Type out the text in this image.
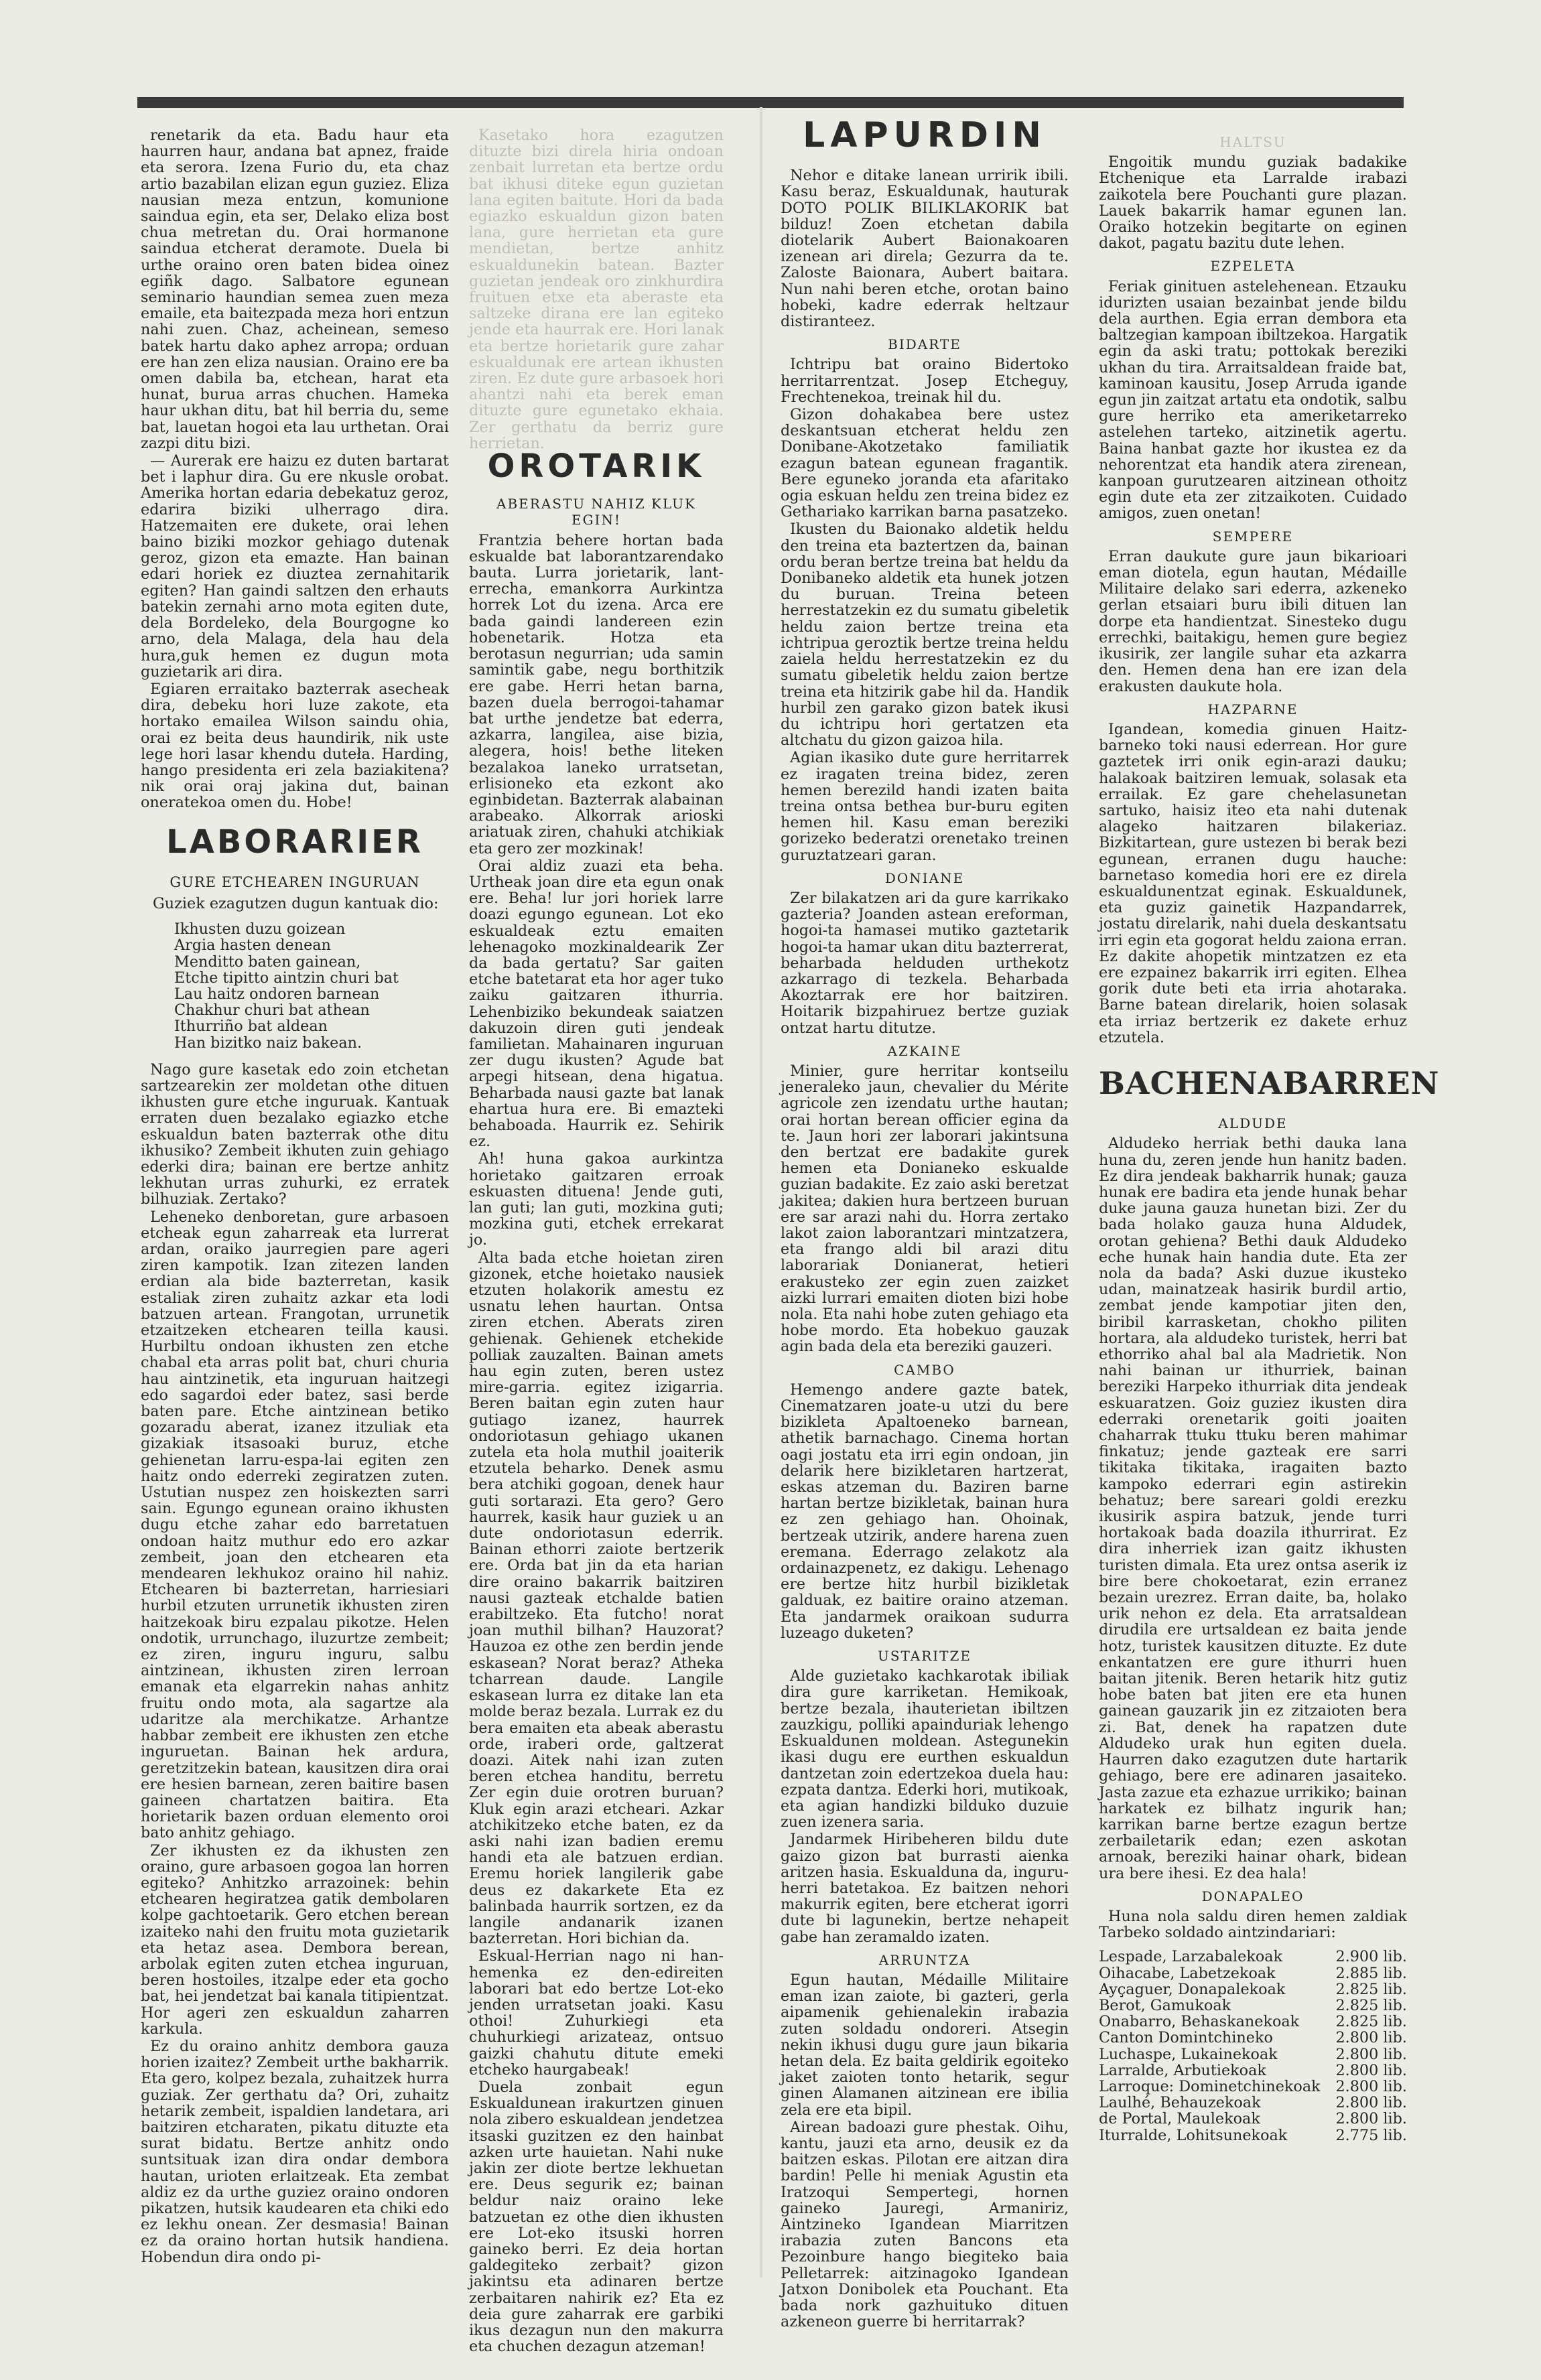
renetarik da eta. Badu haur eta haurren haur, andana bat apnez, fraide eta serora. Izena Furio du, eta chaz artio bazabilan elizan egun guziez. Eliza nausian meza entzun, komunione saindua egin, eta ser, Delako eliza bost chua metretan du. Orai hormanone saindua etcherat deramote. Duela bi urthe oraino oren baten bidea oinez egiñk dago. Salbatore egunean seminario haundian semea zuen meza emaile, eta baitezpada meza hori entzun nahi zuen. Chaz, acheinean, semeso batek hartu dako aphez arropa; orduan ere han zen eliza nausian. Oraino ere ba omen dabila ba, etchean, harat eta hunat, burua arras chuchen. Hameka haur ukhan ditu, bat hil berria du, seme bat, lauetan hogoi eta lau urthetan. Orai zazpi ditu bizi.

— Aurerak ere haizu ez duten bartarat bet i laphur dira. Gu ere nkusle orobat. Amerika hortan edaria debekatuz geroz, edarira biziki ulherrago dira. Hatzemaiten ere dukete, orai lehen baino biziki mozkor gehiago dutenak geroz, gizon eta emazte. Han bainan edari horiek ez diuztea zernahitarik egiten? Han gaindi saltzen den erhauts batekin zernahi arno mota egiten dute, dela Bordeleko, dela Bourgogne ko arno, dela Malaga, dela hau dela hura,guk hemen ez dugun mota guzietarik ari dira.

Egiaren erraitako bazterrak asecheak dira, debeku hori luze zakote, eta hortako emailea Wilson saindu ohia, orai ez beita deus haundirik, nik uste lege hori lasar khendu duteła. Harding, hango presidenta eri zela baziakitena? nik orai oraj jakina dut, bainan oneratekoa omen du. Hobe!

LABORARIER
GURE ETCHEAREN INGURUAN
Guziek ezagutzen dugun kantuak dio:
Ikhusten duzu goizean
Argia hasten denean
Menditto baten gainean,
Etche tipitto aintzin churi bat
Lau haitz ondoren barnean
Chakhur churi bat athean
Ithurriño bat aldean
Han bizitko naiz bakean.

Nago gure kasetak edo zoin etchetan sartzearekin zer moldetan othe dituen ikhusten gure etche inguruak. Kantuak erraten duen bezalako egiazko etche eskualdun baten bazterrak othe ditu ikhusiko? Zembeit ikhuten zuin gehiago ederki dira; bainan ere bertze anhitz lekhutan urras zuhurki, ez erratek bilhuziak. Zertako?

Leheneko denboretan, gure arbasoen etcheak egun zaharreak eta lurrerat ardan, oraiko jaurregien pare ageri ziren kampotik. Izan zitezen landen erdian ala bide bazterretan, kasik estaliak ziren zuhaitz azkar eta lodi batzuen artean. Frangotan, urrunetik etzaitzeken etchearen teilla kausi. Hurbiltu ondoan ikhusten zen etche chabal eta arras polit bat, churi churia hau aintzinetik, eta inguruan haitzegi edo sagardoi eder batez, sasi berde baten pare. Etche aintzinean betiko gozaradu aberat, izanez itzuliak eta gizakiak itsasoaki buruz, etche gehienetan larru-espa-lai egiten zen haitz ondo ederreki zegiratzen zuten. Ustutian nuspez zen hoiskezten sarri sain. Egungo egunean oraino ikhusten dugu etche zahar edo barretatuen ondoan haitz muthur edo ero azkar zembeit, joan den etchearen eta mendearen lekhukoz oraino hil nahiz. Etchearen bi bazterretan, harriesiari hurbil etzuten urrunetik ikhusten ziren haitzekoak biru ezpalau pikotze. Helen ondotik, urrunchago, iluzurtze zembeit; ez ziren, inguru inguru, salbu aintzinean, ikhusten ziren lerroan emanak eta elgarrekin nahas anhitz fruitu ondo mota, ala sagartze ala udaritze ala merchikatze. Arhantze habbar zembeit ere ikhusten zen etche inguruetan. Bainan hek ardura, geretzitzekin batean, kausitzen dira orai ere hesien barnean, zeren baitire basen gaineen chartatzen baitira. Eta horietarik bazen orduan elemento oroi bato anhitz gehiago.

Zer ikhusten ez da ikhusten zen oraino, gure arbasoen gogoa lan horren egiteko? Anhitzko arrazoinek: behin etchearen hegiratzea gatik dembolaren kolpe gachtoetarik. Gero etchen berean izaiteko nahi den fruitu mota guzietarik eta hetaz asea. Dembora berean, arbolak egiten zuten etchea inguruan, beren hostoiles, itzalpe eder eta gocho bat, hei jendetzat bai kanala titipientzat. Hor ageri zen eskualdun zaharren karkula.

Ez du oraino anhitz dembora gauza horien izaitez? Zembeit urthe bakharrik. Eta gero, kolpez bezala, zuhaitzek hurra guziak. Zer gerthatu da? Ori, zuhaitz hetarik zembeit, ispaldien landetara, ari baitziren etcharaten, pikatu dituzte eta surat bidatu. Bertze anhitz ondo suntsituak izan dira ondar dembora hautan, urioten erlaitzeak. Eta zembat aldiz ez da urthe guziez oraino ondoren pikatzen, hutsik kaudearen eta chiki edo ez lekhu onean. Zer desmasia! Bainan ez da oraino hortan hutsik handiena. Hobendun dira ondo pi-

Kasetako hora ezagutzen dituzte bizi direla hiria ondoan zenbait lurretan eta bertze ordu bat ikhusi diteke egun guzietan lana egiten baitute. Hori da bada egiazko eskualdun gizon baten lana, gure herrietan eta gure mendietan, bertze anhitz eskualdunekin batean. Bazter guzietan jendeak oro zinkhurdira fruituen etxe eta aberaste eta saltzeke dirana ere lan egiteko jende eta haurrak ere. Hori lanak eta bertze horietarik gure zahar eskualdunak ere artean ikhusten ziren. Ez dute gure arbasoek hori ahantzi nahi eta berek eman dituzte gure egunetako ekhaia. Zer gerthatu da berriz gure herrietan.

OROTARIK
ABERASTU NAHIZ KLUK EGIN!

Frantzia behere hortan bada eskualde bat laborantzarendako bauta. Lurra jorietarik, lant-errecha, emankorra Aurkintza horrek Lot du izena. Arca ere bada gaindi landereen ezin hobenetarik. Hotza eta berotasun negurrian; uda samin samintik gabe, negu borthitzik ere gabe. Herri hetan barna, bazen duela berrogoi-tahamar bat urthe jendetze bat ederra, azkarra, langilea, aise bizia, alegera, hois! bethe liteken bezalakoa laneko urratsetan, erlisioneko eta ezkont ako eginbidetan. Bazterrak alabainan arabeako. Alkorrak arioski ariatuak ziren, chahuki atchikiak eta gero zer mozkinak!

Orai aldiz zuazi eta beha. Urtheak joan dire eta egun onak ere. Beha! lur jori horiek larre doazi egungo egunean. Lot eko eskualdeak eztu emaiten lehenagoko mozkinaldearik Zer da bada gertatu? Sar gaiten etche batetarat eta hor ager tuko zaiku gaitzaren ithurria. Lehenbiziko bekundeak saiatzen dakuzoin diren guti jendeak familietan. Mahainaren inguruan zer dugu ikusten? Agude bat arpegi hitsean, dena higatua. Beharbada nausi gazte bat lanak ehartua hura ere. Bi emazteki behaboada. Haurrik ez. Sehirik ez.

Ah! huna gakoa aurkintza horietako gaitzaren erroak eskuasten dituena! Jende guti, lan guti; lan guti, mozkina guti; mozkina guti, etchek errekarat jo.

Alta bada etche hoietan ziren gizonek, etche hoietako nausiek etzuten holakorik amestu ez usnatu lehen haurtan. Ontsa ziren etchen. Aberats ziren gehienak. Gehienek etchekide polliak zauzalten. Bainan amets hau egin zuten, beren ustez mire-garria. egitez izigarria. Beren baitan egin zuten haur gutiago izanez, haurrek ondoriotasun gehiago ukanen zutela eta hola muthil joaiterik etzutela beharko. Denek asmu bera atchiki gogoan, denek haur guti sortarazi. Eta gero? Gero haurrek, kasik haur guziek u an dute ondoriotasun ederrik. Bainan ethorri zaiote bertzerik ere. Orda bat jin da eta harian dire oraino bakarrik baitziren nausi gazteak etchalde batien erabiltzeko. Eta futcho! norat joan muthil bilhan? Hauzorat? Hauzoa ez othe zen berdin jende eskasean? Norat beraz? Atheka tcharrean daude. Langile eskasean lurra ez ditake lan eta molde beraz bezala. Lurrak ez du bera emaiten eta abeak aberastu orde, iraberi orde, galtzerat doazi. Aitek nahi izan zuten beren etchea handitu, berretu Zer egin duie orotren buruan? Kluk egin arazi etcheari. Azkar atchikitzeko etche baten, ez da aski nahi izan badien eremu handi eta ale batzuen erdian. Eremu horiek langilerik gabe deus ez dakarkete Eta ez balinbada haurrik sortzen, ez da langile andanarik izanen bazterretan. Hori bichian da.

Eskual-Herrian nago ni han-hemenka ez den-edireiten laborari bat edo bertze Lot-eko jenden urratsetan joaki. Kasu othoi! Zuhurkiegi eta chuhurkiegi arizateaz, ontsuo gaizki chahutu ditute emeki etcheko haurgabeak!

Duela zonbait egun Eskualdunean irakurtzen ginuen nola zibero eskualdean jendetzea itsaski guzitzen ez den hainbat azken urte hauietan. Nahi nuke jakin zer diote bertze lekhuetan ere. Deus segurik ez; bainan beldur naiz oraino leke batzuetan ez othe dien ikhusten ere Lot-eko itsuski horren gaineko berri. Ez deia hortan galdegiteko zerbait? gizon jakintsu eta adinaren bertze zerbaitaren nahirik ez? Eta ez deia gure zaharrak ere garbiki ikus dezagun nun den makurra eta chuchen dezagun atzeman!

LAPURDIN

Nehor e ditake lanean urririk ibili. Kasu beraz, Eskualdunak, hauturak DOTO POLIK BILIKLAKORIK bat bilduz! Zoen etchetan dabila diotelarik Aubert Baionakoaren izenean ari direla; Gezurra da te. Zaloste Baionara, Aubert baitara. Nun nahi beren etche, orotan baino hobeki, kadre ederrak heltzaur distiranteez.

BIDARTE

Ichtripu bat oraino Bidertoko herritarrentzat. Josep Etcheguy, Frechtenekoa, treinak hil du.

Gizon dohakabea bere ustez deskantsuan etcherat heldu zen Donibane-Akotzetako familiatik ezagun batean egunean fragantik. Bere eguneko joranda eta afaritako ogia eskuan heldu zen treina bidez ez Gethariako karrikan barna pasatzeko.

Ikusten du Baionako aldetik heldu den treina eta baztertzen da, bainan ordu beran bertze treina bat heldu da Donibaneko aldetik eta hunek jotzen du buruan. Treina beteen herrestatzekin ez du sumatu gibeletik heldu zaion bertze treina eta ichtripua geroztik bertze treina heldu zaiela heldu herrestatzekin ez du sumatu gibeletik heldu zaion bertze treina eta hitzirik gabe hil da. Handik hurbil zen garako gizon batek ikusi du ichtripu hori gertatzen eta altchatu du gizon gaizoa hila.

Agian ikasiko dute gure herritarrek ez iragaten treina bidez, zeren hemen berezild handi izaten baita treina ontsa bethea bur-buru egiten hemen hil. Kasu eman bereziki gorizeko bederatzi orenetako treinen guruztatzeari garan.

DONIANE

Zer bilakatzen ari da gure karrikako gazteria? Joanden astean ereforman, hogoi-ta hamasei mutiko gaztetarik hogoi-ta hamar ukan ditu bazterrerat, beharbada helduden urthekotz azkarrago di tezkela. Beharbada Akoztarrak ere hor baitziren. Hoitarik bizpahiruez bertze guziak ontzat hartu ditutze.

AZKAINE

Minier, gure herritar kontseilu jeneraleko jaun, chevalier du Mérite agricole zen izendatu urthe hautan; orai hortan berean officier egina da te. Jaun hori zer laborari jakintsuna den bertzat ere badakite gurek hemen eta Donianeko eskualde guzian badakite. Ez zaio aski beretzat jakitea; dakien hura bertzeen buruan ere sar arazi nahi du. Horra zertako lakot zaion laborantzari mintzatzera, eta frango aldi bil arazi ditu laborariak Donianerat, hetieri erakusteko zer egin zuen zaizket aizki lurrari emaiten dioten bizi hobe nola. Eta nahi hobe zuten gehiago eta hobe mordo. Eta hobekuo gauzak agin bada dela eta bereziki gauzeri.

CAMBO

Hemengo andere gazte batek, Cinematzaren joate-u utzi du bere bizikleta Apaltoeneko barnean, athetik barnachago. Cinema hortan oagi jostatu eta irri egin ondoan, jin delarik here bizikletaren hartzerat, eskas atzeman du. Baziren barne hartan bertze bizikletak, bainan hura ez zen gehiago han. Ohoinak, bertzeak utzirik, andere harena zuen eremana. Ederrago zelakotz ala ordainazpenetz, ez dakigu. Lehenago ere bertze hitz hurbil bizikletak galduak, ez baitire oraino atzeman. Eta jandarmek oraikoan sudurra luzeago duketen?

USTARITZE

Alde guzietako kachkarotak ibiliak dira gure karriketan. Hemikoak, bertze bezala, ihauterietan ibiltzen zauzkigu, polliki apainduriak lehengo Eskualdunen moldean. Astegunekin ikasi dugu ere eurthen eskualdun dantzetan zoin edertzekoa duela hau: ezpata dantza. Ederki hori, mutikoak, eta agian handizki bilduko duzuie zuen izenera saria.

Jandarmek Hiribeheren bildu dute gaizo gizon bat burrasti aienka aritzen hasia. Eskualduna da, inguru-herri batetakoa. Ez baitzen nehori makurrik egiten, bere etcherat igorri dute bi lagunekin, bertze nehapeit gabe han zeramaldo izaten.

ARRUNTZA

Egun hautan, Médaille Militaire eman izan zaiote, bi gazteri, gerla aipamenik gehienalekin irabazia zuten soldadu ondoreri. Atsegin nekin ikhusi dugu gure jaun bikaria hetan dela. Ez baita geldirik egoiteko jaket zaioten tonto hetarik, segur ginen Alamanen aitzinean ere ibilia zela ere eta bipil.

Airean badoazi gure phestak. Oihu, kantu, jauzi eta arno, deusik ez da baitzen eskas. Pilotan ere aitzan dira bardin! Pelle hi meniak Agustin eta Iratzoqui Sempertegi, hornen gaineko Jauregi, Armaniriz, Aintzineko Igandean Miarritzen irabazia zuten Bancons eta Pezoinbure hango biegiteko baia Pelletarrek: aitzinagoko Igandean Jatxon Donibolek eta Pouchant. Eta bada nork gazhuituko dituen azkeneon guerre bi herritarrak?

HALTSU

Engoitik mundu guziak badakike Etchenique eta Larralde irabazi zaikotela bere Pouchanti gure plazan. Lauek bakarrik hamar egunen lan. Oraiko hotzekin begitarte on eginen dakot, pagatu bazitu dute lehen.

EZPELETA

Feriak ginituen astelehenean. Etzauku idurizten usaian bezainbat jende bildu dela aurthen. Egia erran dembora eta baltzegian kampoan ibiltzekoa. Hargatik egin da aski tratu; pottokak bereziki ukhan du tira. Arraitsaldean fraide bat, kaminoan kausitu, Josep Arruda igande egun jin zaitzat artatu eta ondotik, salbu gure herriko eta ameriketarreko astelehen tarteko, aitzinetik agertu. Baina hanbat gazte hor ikustea ez da nehorentzat eta handik atera zirenean, kanpoan gurutzearen aitzinean othoitz egin dute eta zer zitzaikoten. Cuidado amigos, zuen onetan!

SEMPERE

Erran daukute gure jaun bikarioari eman diotela, egun hautan, Médaille Militaire delako sari ederra, azkeneko gerlan etsaiari buru ibili dituen lan dorpe eta handientzat. Sinesteko dugu errechki, baitakigu, hemen gure begiez ikusirik, zer langile suhar eta azkarra den. Hemen dena han ere izan dela erakusten daukute hola.

HAZPARNE

Igandean, komedia ginuen Haitz-barneko toki nausi ederrean. Hor gure gaztetek irri onik egin-arazi dauku; halakoak baitziren lemuak, solasak eta errailak. Ez gare chehelasunetan sartuko, haisiz iteo eta nahi dutenak alageko haitzaren bilakeriaz. Bizkitartean, gure ustezen bi berak bezi egunean, erranen dugu hauche: barnetaso komedia hori ere ez direla eskualdunentzat eginak. Eskualdunek, eta guziz gainetik Hazpandarrek, jostatu direlarik, nahi duela deskantsatu irri egin eta gogorat heldu zaiona erran. Ez dakite ahopetik mintzatzen ez eta ere ezpainez bakarrik irri egiten. Elhea gorik dute beti eta irria ahotaraka. Barne batean direlarik, hoien solasak eta irriaz bertzerik ez dakete erhuz etzutela.

BACHENABARREN
ALDUDE

Aldudeko herriak bethi dauka lana huna du, zeren jende hun hanitz baden. Ez dira jendeak bakharrik hunak; gauza hunak ere badira eta jende hunak behar duke jauna gauza hunetan bizi. Zer du bada holako gauza huna Aldudek, orotan gehiena? Bethi dauk Aldudeko eche hunak hain handia dute. Eta zer nola da bada? Aski duzue ikusteko udan, mainatzeak hasirik burdil artio, zembat jende kampotiar jiten den, biribil karrasketan, chokho piliten hortara, ala aldudeko turistek, herri bat ethorriko ahal bal ala Madrietik. Non nahi bainan ur ithurriek, bainan bereziki Harpeko ithurriak dita jendeak eskuaratzen. Goiz guziez ikusten dira ederraki orenetarik goiti joaiten chaharrak ttuku ttuku beren mahimar finkatuz; jende gazteak ere sarri tikitaka tikitaka, iragaiten bazto kampoko ederrari egin astirekin behatuz; bere sareari goldi erezku ikusirik aspira batzuk, jende turri hortakoak bada doazila ithurrirat. Ez dira inherriek izan gaitz ikhusten turisten dimala. Eta urez ontsa aserik iz bire bere chokoetarat, ezin erranez bezain urezrez. Erran daite, ba, holako urik nehon ez dela. Eta arratsaldean dirudila ere urtsaldean ez baita jende hotz, turistek kausitzen dituzte. Ez dute enkantatzen ere gure ithurri huen baitan jitenik. Beren hetarik hitz gutiz hobe baten bat jiten ere eta hunen gainean gauzarik jin ez zitzaioten bera zi. Bat, denek ha rapatzen dute Aldudeko urak hun egiten duela. Haurren dako ezagutzen dute hartarik gehiago, bere ere adinaren jasaiteko. Jasta zazue eta ezhazue urrikiko; bainan harkatek ez bilhatz ingurik han; karrikan barne bertze ezagun bertze zerbailetarik edan; ezen askotan arnoak, bereziki hainar ohark, bidean ura bere ihesi. Ez dea hala!

DONAPALEO

Huna nola saldu diren hemen zaldiak Tarbeko soldado aintzindariari:

Lespade, Larzabalekoak	2.900 lib.
Oihacabe, Labetzekoak	2.885 lib.
Ayçaguer, Donapalekoak	2.825 lib.
Berot, Gamukoak	2.825 lib.
Onabarro, Behaskanekoak 2.825 lib.
Canton Domintchineko	2.800 lib.
Luchaspe, Lukainekoak	2.800 lib.
Larralde, Arbutiekoak	2.800 lib.
Larroque: Dominetchinekoak 2.800 lib.
Laulhé, Behauzekoak	2.800 lib.
de Portal, Maulekoak	2.800 lib.
Iturralde, Lohitsunekoak	2.775 lib.
